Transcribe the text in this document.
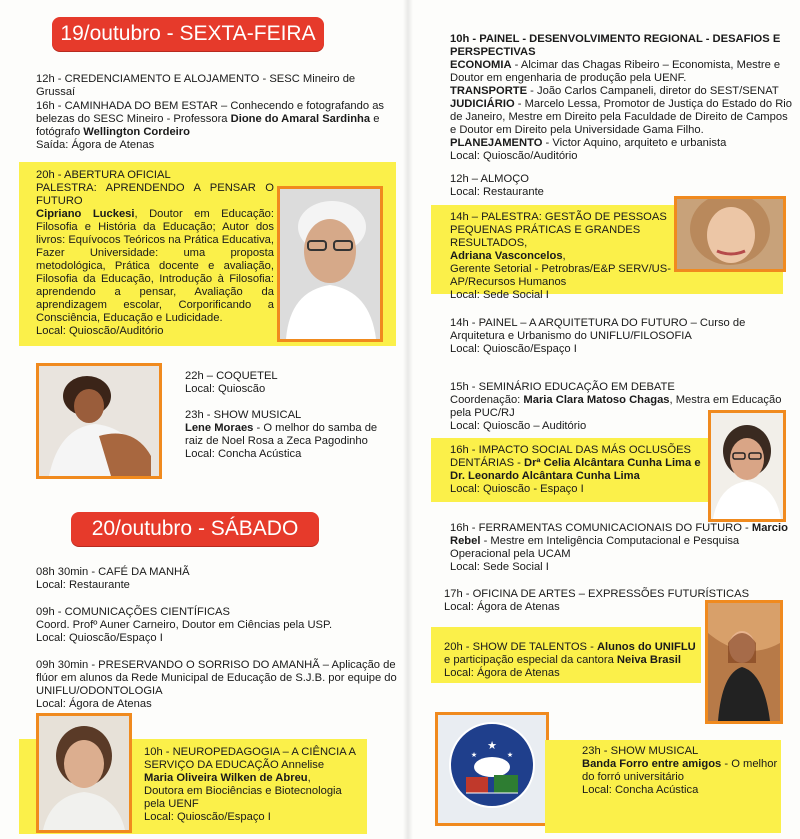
19/outubro - SEXTA-FEIRA

12h - CREDENCIAMENTO E ALOJAMENTO - SESC Mineiro de Grussaí

16h - CAMINHADA DO BEM ESTAR – Conhecendo e fotografando as belezas do SESC Mineiro - Professora Dione do Amaral Sardinha e fotógrafo Wellington Cordeiro

Saída: Ágora de Atenas

20h - ABERTURA OFICIAL

PALESTRA: APRENDENDO A PENSAR O FUTURO

Cipriano Luckesi, Doutor em Educação: Filosofia e História da Educação; Autor dos livros: Equívocos Teóricos na Prática Educativa, Fazer Universidade: uma proposta metodológica, Prática docente e avaliação, Filosofia da Educação, Introdução à Filosofia: aprendendo a pensar, Avaliação da aprendizagem escolar, Corporificando a Consciência, Educação e Ludicidade.

Local: Quioscão/Auditório

22h – COQUETEL

Local: Quioscão

23h - SHOW MUSICAL

Lene Moraes - O melhor do samba de raiz de Noel Rosa a Zeca Pagodinho

Local: Concha Acústica

20/outubro - SÁBADO

08h 30min - CAFÉ DA MANHÃ

Local: Restaurante

09h - COMUNICAÇÕES CIENTÍFICAS

Coord. Profº Auner Carneiro, Doutor em Ciências pela USP.

Local: Quioscão/Espaço I

09h 30min - PRESERVANDO O SORRISO DO AMANHÃ – Aplicação de flúor em alunos da Rede Municipal de Educação de S.J.B. por equipe do UNIFLU/ODONTOLOGIA

Local: Ágora de Atenas

10h - NEUROPEDAGOGIA – A CIÊNCIA A SERVIÇO DA EDUCAÇÃO Annelise

Maria Oliveira Wilken de Abreu,

Doutora em Biociências e Biotecnologia pela UENF

Local: Quioscão/Espaço I

10h - PAINEL - DESENVOLVIMENTO REGIONAL - DESAFIOS E PERSPECTIVAS

ECONOMIA - Alcimar das Chagas Ribeiro – Economista, Mestre e Doutor em engenharia de produção pela UENF.

TRANSPORTE - João Carlos Campaneli, diretor do SEST/SENAT

JUDICIÁRIO - Marcelo Lessa, Promotor de Justiça do Estado do Rio de Janeiro, Mestre em Direito pela Faculdade de Direito de Campos e Doutor em Direito pela Universidade Gama Filho.

PLANEJAMENTO - Victor Aquino, arquiteto e urbanista

Local: Quioscão/Auditório

12h – ALMOÇO

Local: Restaurante

14h – PALESTRA: GESTÃO DE PESSOAS PEQUENAS PRÁTICAS E GRANDES RESULTADOS,

Adriana Vasconcelos,

Gerente Setorial - Petrobras/E&P SERV/US-AP/Recursos Humanos

Local: Sede Social I

14h - PAINEL – A ARQUITETURA DO FUTURO – Curso de Arquitetura e Urbanismo do UNIFLU/FILOSOFIA

Local: Quioscão/Espaço I

15h - SEMINÁRIO EDUCAÇÃO EM DEBATE

Coordenação: Maria Clara Matoso Chagas, Mestra em Educação pela PUC/RJ

Local: Quioscão – Auditório

16h - IMPACTO SOCIAL DAS MÁS OCLUSÕES DENTÁRIAS - Drª Celia Alcântara Cunha Lima e Dr. Leonardo Alcântara Cunha Lima

Local: Quioscão - Espaço I

16h - FERRAMENTAS COMUNICACIONAIS DO FUTURO - Marcio Rebel - Mestre em Inteligência Computacional e Pesquisa Operacional pela UCAM

Local: Sede Social I

17h - OFICINA DE ARTES – EXPRESSÕES FUTURÍSTICAS

Local: Ágora de Atenas

20h - SHOW DE TALENTOS - Alunos do UNIFLU

e participação especial da cantora Neiva Brasil

Local: Ágora de Atenas

★
★	★	23h - SHOW MUSICAL

Banda Forro entre amigos - O melhor do forró universitário

Local: Concha Acústica
